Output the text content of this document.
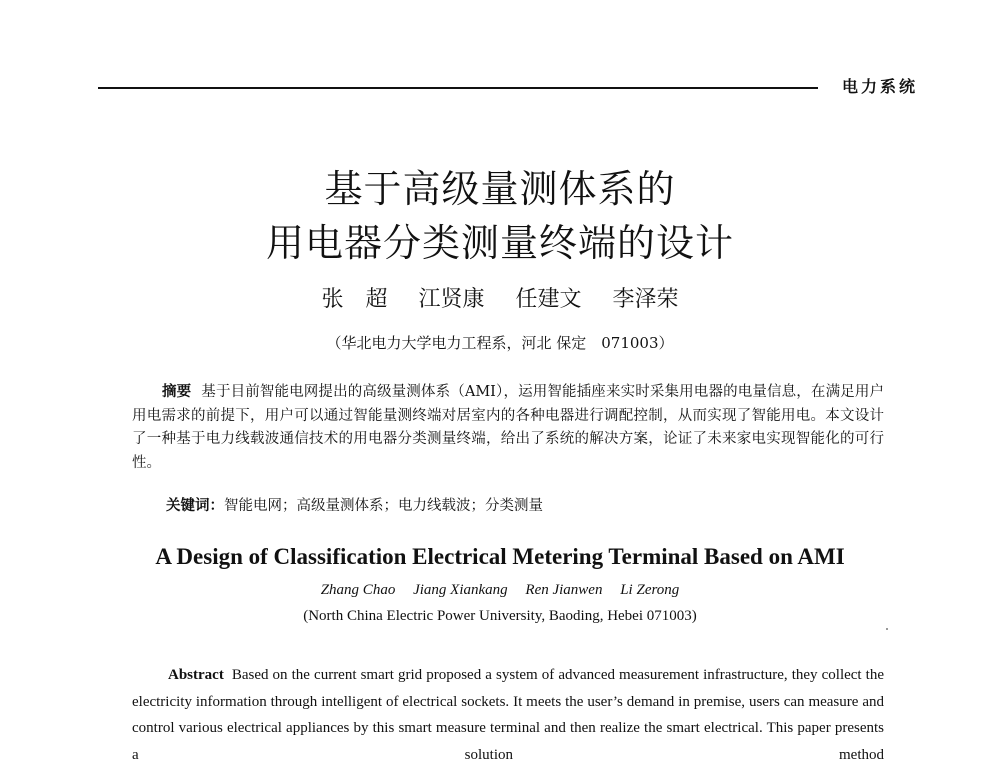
电力系统
基于高级量测体系的
用电器分类测量终端的设计
张　超 江贤康 任建文 李泽荣
（华北电力大学电力工程系，河北 保定　071003）
摘要 基于目前智能电网提出的高级量测体系（AMI），运用智能插座来实时采集用电器的电量信息，在满足用户用电需求的前提下，用户可以通过智能量测终端对居室内的各种电器进行调配控制，从而实现了智能用电。本文设计了一种基于电力线载波通信技术的用电器分类测量终端，给出了系统的解决方案，论证了未来家电实现智能化的可行性。
关键词：智能电网；高级量测体系；电力线载波；分类测量
A Design of Classification Electrical Metering Terminal Based on AMI
Zhang Chao Jiang Xiankang Ren Jianwen Li Zerong
(North China Electric Power University, Baoding, Hebei 071003)
Abstract Based on the current smart grid proposed a system of advanced measurement infrastructure, they collect the electricity information through intelligent of electrical sockets. It meets the user’s demand in premise, users can measure and control various electrical appliances by this smart measure terminal and then realize the smart electrical. This paper presents a solution method
